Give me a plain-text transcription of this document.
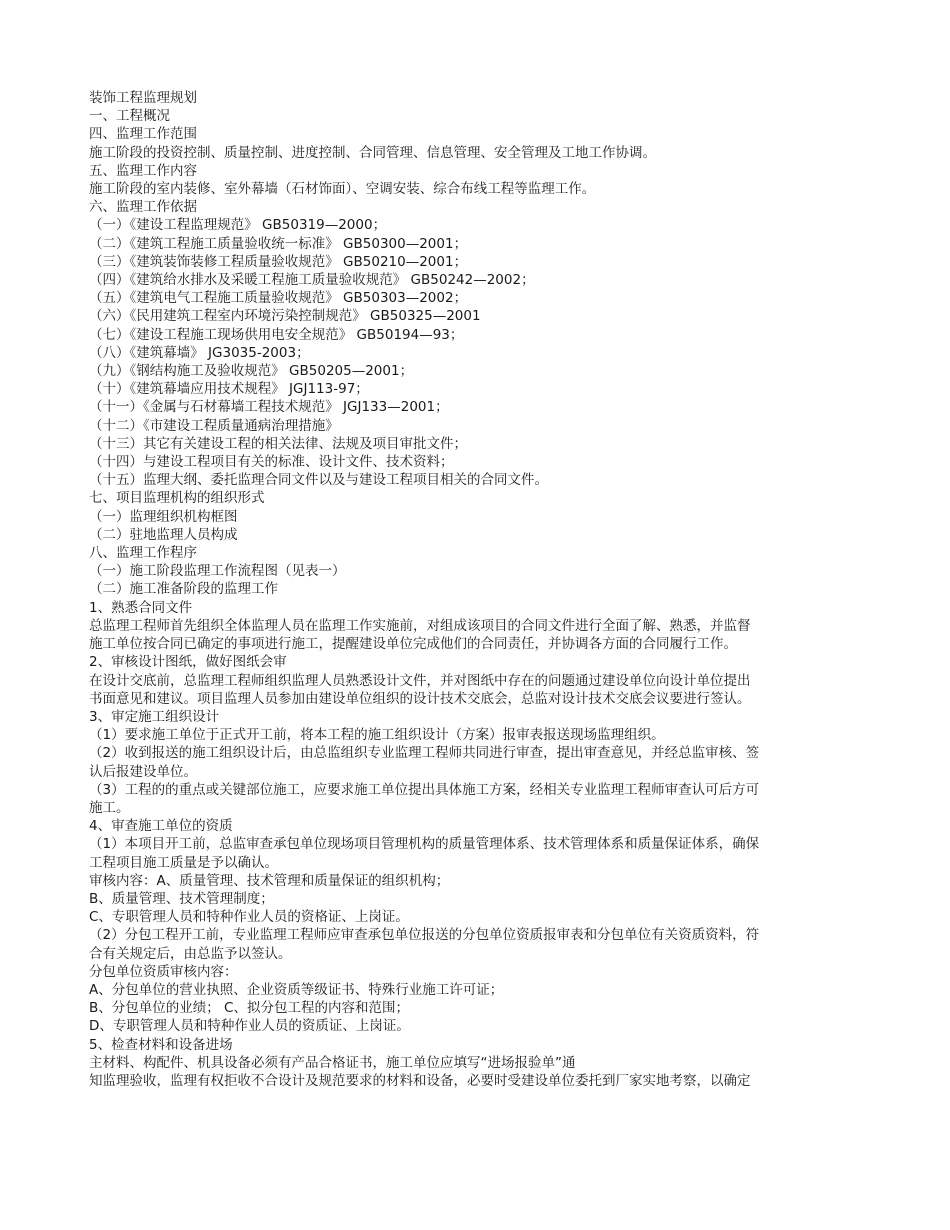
装饰工程监理规划
一、工程概况
四、监理工作范围
施工阶段的投资控制、质量控制、进度控制、合同管理、信息管理、安全管理及工地工作协调。
五、监理工作内容
施工阶段的室内装修、室外幕墙（石材饰面）、空调安装、综合布线工程等监理工作。
六、监理工作依据
（一）《建设工程监理规范》 GB50319—2000；
（二）《建筑工程施工质量验收统一标准》 GB50300—2001；
（三）《建筑装饰装修工程质量验收规范》 GB50210—2001；
（四）《建筑给水排水及采暖工程施工质量验收规范》 GB50242—2002；
（五）《建筑电气工程施工质量验收规范》 GB50303—2002；
（六）《民用建筑工程室内环境污染控制规范》 GB50325—2001
（七）《建设工程施工现场供用电安全规范》 GB50194—93；
（八）《建筑幕墙》 JG3035-2003；
（九）《钢结构施工及验收规范》 GB50205—2001；
（十）《建筑幕墙应用技术规程》 JGJ113-97；
（十一）《金属与石材幕墙工程技术规范》 JGJ133—2001；
（十二）《市建设工程质量通病治理措施》
（十三）其它有关建设工程的相关法律、法规及项目审批文件；
（十四）与建设工程项目有关的标准、设计文件、技术资料；
（十五）监理大纲、委托监理合同文件以及与建设工程项目相关的合同文件。
七、项目监理机构的组织形式
（一）监理组织机构框图
（二）驻地监理人员构成
八、监理工作程序
（一）施工阶段监理工作流程图（见表一）
（二）施工准备阶段的监理工作
1、熟悉合同文件
总监理工程师首先组织全体监理人员在监理工作实施前，对组成该项目的合同文件进行全面了解、熟悉，并监督
施工单位按合同已确定的事项进行施工，提醒建设单位完成他们的合同责任，并协调各方面的合同履行工作。
2、审核设计图纸，做好图纸会审
在设计交底前，总监理工程师组织监理人员熟悉设计文件，并对图纸中存在的问题通过建设单位向设计单位提出
书面意见和建议。项目监理人员参加由建设单位组织的设计技术交底会，总监对设计技术交底会议要进行签认。
3、审定施工组织设计
（1）要求施工单位于正式开工前，将本工程的施工组织设计（方案）报审表报送现场监理组织。
（2）收到报送的施工组织设计后，由总监组织专业监理工程师共同进行审查，提出审查意见，并经总监审核、签
认后报建设单位。
（3）工程的的重点或关键部位施工，应要求施工单位提出具体施工方案，经相关专业监理工程师审查认可后方可
施工。
4、审查施工单位的资质
（1）本项目开工前，总监审查承包单位现场项目管理机构的质量管理体系、技术管理体系和质量保证体系，确保
工程项目施工质量是予以确认。
审核内容：A、质量管理、技术管理和质量保证的组织机构；
B、质量管理、技术管理制度；
C、专职管理人员和特种作业人员的资格证、上岗证。
（2）分包工程开工前，专业监理工程师应审查承包单位报送的分包单位资质报审表和分包单位有关资质资料，符
合有关规定后，由总监予以签认。
分包单位资质审核内容：
A、分包单位的营业执照、企业资质等级证书、特殊行业施工许可证；
B、分包单位的业绩； C、拟分包工程的内容和范围；
D、专职管理人员和特种作业人员的资质证、上岗证。
5、检查材料和设备进场
主材料、构配件、机具设备必须有产品合格证书，施工单位应填写“进场报验单”通
知监理验收，监理有权拒收不合设计及规范要求的材料和设备，必要时受建设单位委托到厂家实地考察，以确定
